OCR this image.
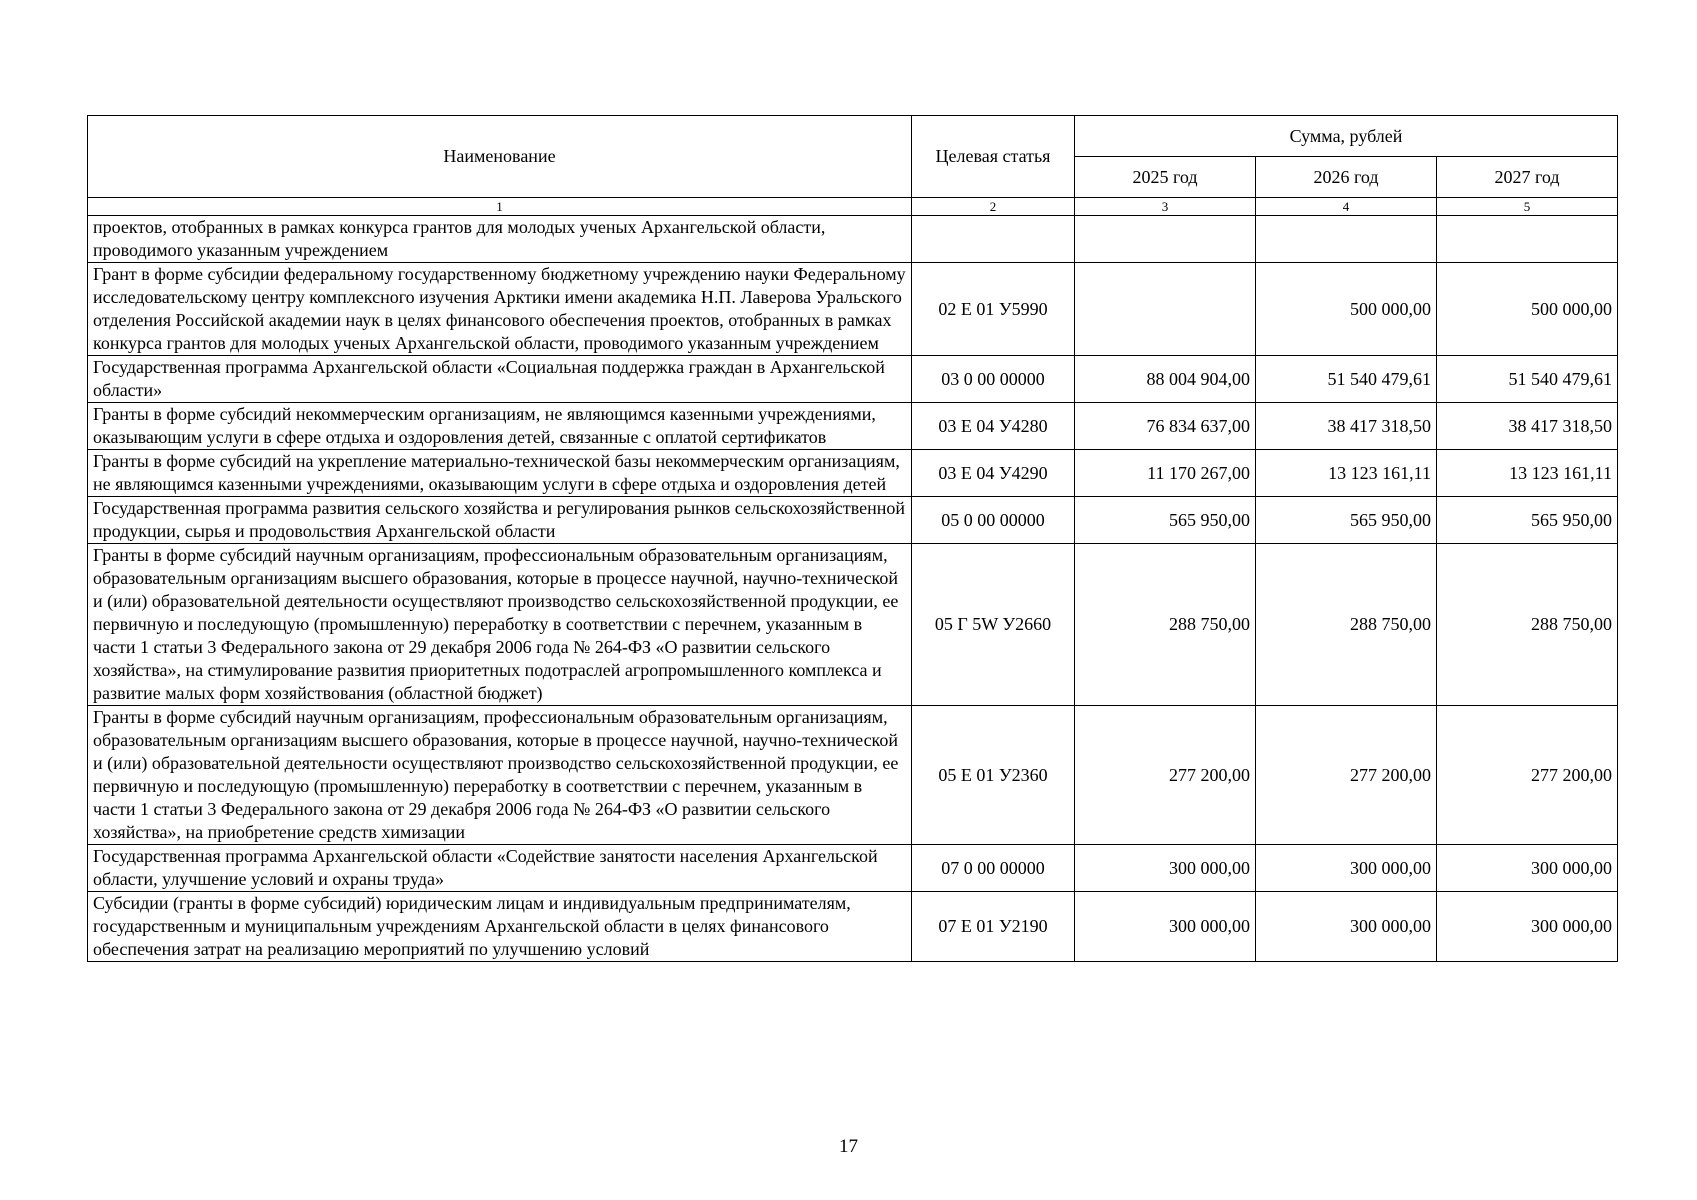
Наименование	Целевая статья	Сумма, рублей		
		2025 год	2026 год	2027 год
1	2	3	4	5
проектов, отобранных в рамках конкурса грантов для молодых ученых Архангельской области, проводимого указанным учреждением				
Грант в форме субсидии федеральному государственному бюджетному учреждению науки Федеральному исследовательскому центру комплексного изучения Арктики имени академика Н.П. Лаверова Уральского отделения Российской академии наук в целях финансового обеспечения проектов, отобранных в рамках конкурса грантов для молодых ученых Архангельской области, проводимого указанным учреждением	02 Е 01 У5990		500 000,00	500 000,00
Государственная программа Архангельской области «Социальная поддержка граждан в Архангельской области»	03 0 00 00000	88 004 904,00	51 540 479,61	51 540 479,61
Гранты в форме субсидий некоммерческим организациям, не являющимся казенными учреждениями, оказывающим услуги в сфере отдыха и оздоровления детей, связанные с оплатой сертификатов	03 Е 04 У4280	76 834 637,00	38 417 318,50	38 417 318,50
Гранты в форме субсидий на укрепление материально-технической базы некоммерческим организациям, не являющимся казенными учреждениями, оказывающим услуги в сфере отдыха и оздоровления детей	03 Е 04 У4290	11 170 267,00	13 123 161,11	13 123 161,11
Государственная программа развития сельского хозяйства и регулирования рынков сельскохозяйственной продукции, сырья и продовольствия Архангельской области	05 0 00 00000	565 950,00	565 950,00	565 950,00
Гранты в форме субсидий научным организациям, профессиональным образовательным организациям, образовательным организациям высшего образования, которые в процессе научной, научно-технической и (или) образовательной деятельности осуществляют производство сельскохозяйственной продукции, ее первичную и последующую (промышленную) переработку в соответствии с перечнем, указанным в части 1 статьи 3 Федерального закона от 29 декабря 2006 года № 264-ФЗ «О развитии сельского хозяйства», на стимулирование развития приоритетных подотраслей агропромышленного комплекса и развитие малых форм хозяйствования (областной бюджет)	05 Г 5W У2660	288 750,00	288 750,00	288 750,00
Гранты в форме субсидий научным организациям, профессиональным образовательным организациям, образовательным организациям высшего образования, которые в процессе научной, научно-технической и (или) образовательной деятельности осуществляют производство сельскохозяйственной продукции, ее первичную и последующую (промышленную) переработку в соответствии с перечнем, указанным в части 1 статьи 3 Федерального закона от 29 декабря 2006 года № 264-ФЗ «О развитии сельского хозяйства», на приобретение средств химизации	05 Е 01 У2360	277 200,00	277 200,00	277 200,00
Государственная программа Архангельской области «Содействие занятости населения Архангельской области, улучшение условий и охраны труда»	07 0 00 00000	300 000,00	300 000,00	300 000,00
Субсидии (гранты в форме субсидий) юридическим лицам и индивидуальным предпринимателям, государственным и муниципальным учреждениям Архангельской области в целях финансового обеспечения затрат на реализацию мероприятий по улучшению условий	07 Е 01 У2190	300 000,00	300 000,00	300 000,00
17
